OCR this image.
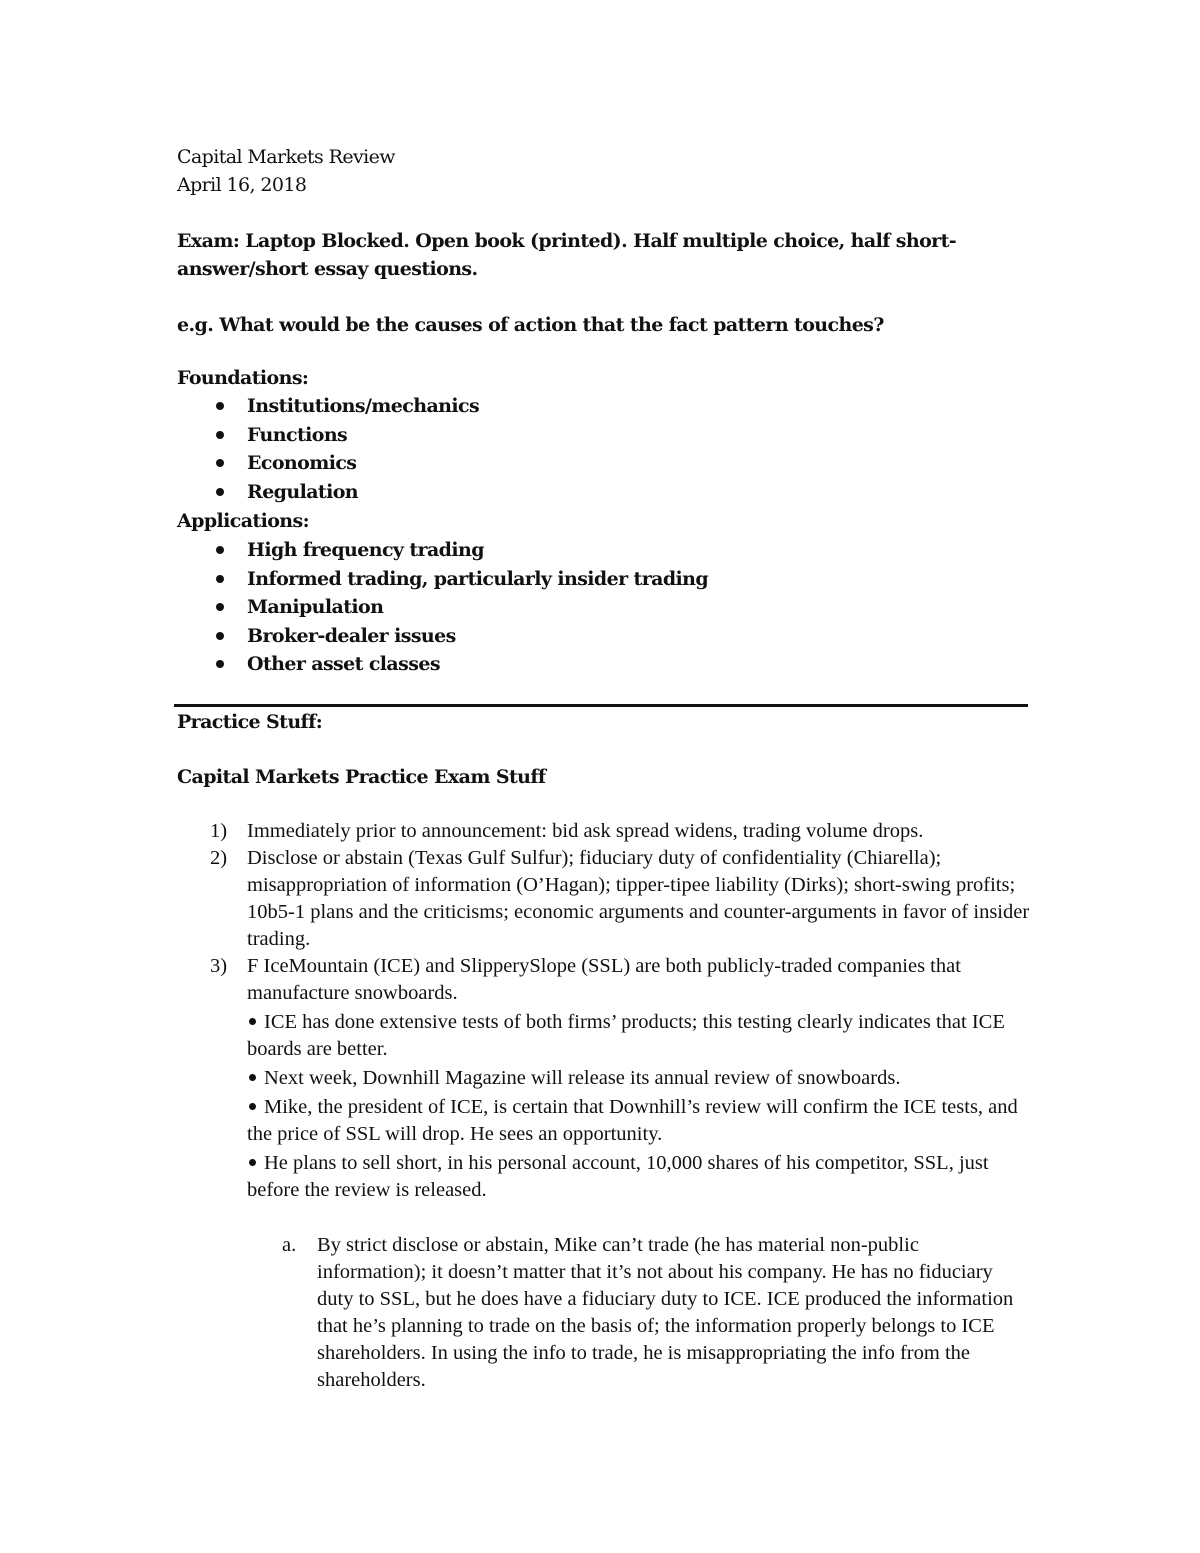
Capital Markets Review

April 16, 2018

Exam: Laptop Blocked. Open book (printed). Half multiple choice, half short-answer/short essay questions.

e.g. What would be the causes of action that the fact pattern touches?

Foundations:

Institutions/mechanics
Functions
Economics
Regulation

Applications:

High frequency trading
Informed trading, particularly insider trading
Manipulation
Broker-dealer issues
Other asset classes

Practice Stuff:

Capital Markets Practice Exam Stuff

1) Immediately prior to announcement: bid ask spread widens, trading volume drops.
2) Disclose or abstain (Texas Gulf Sulfur); fiduciary duty of confidentiality (Chiarella); misappropriation of information (O’Hagan); tipper-tipee liability (Dirks); short-swing profits; 10b5-1 plans and the criticisms; economic arguments and counter-arguments in favor of insider trading.
3) F IceMountain (ICE) and SlipperySlope (SSL) are both publicly-traded companies that manufacture snowboards.
ICE has done extensive tests of both firms’ products; this testing clearly indicates that ICE boards are better.
Next week, Downhill Magazine will release its annual review of snowboards.
Mike, the president of ICE, is certain that Downhill’s review will confirm the ICE tests, and the price of SSL will drop. He sees an opportunity.
He plans to sell short, in his personal account, 10,000 shares of his competitor, SSL, just before the review is released.
a. By strict disclose or abstain, Mike can’t trade (he has material non-public information); it doesn’t matter that it’s not about his company. He has no fiduciary duty to SSL, but he does have a fiduciary duty to ICE. ICE produced the information that he’s planning to trade on the basis of; the information properly belongs to ICE shareholders. In using the info to trade, he is misappropriating the info from the shareholders.
